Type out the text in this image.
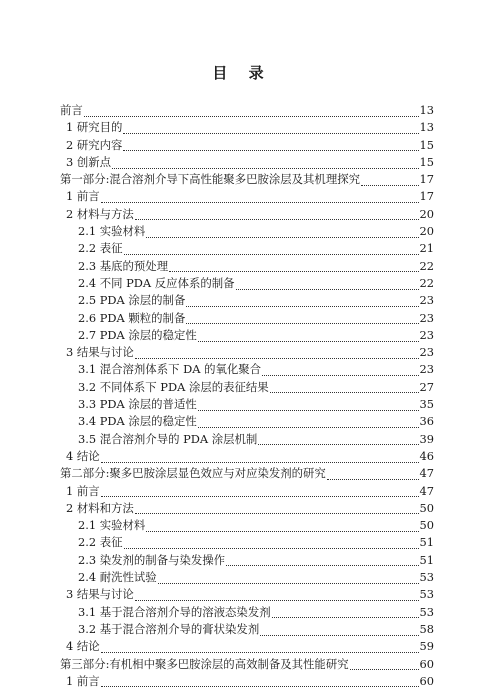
目 录
前言	13
1 研究目的	13
2 研究内容	15
3 创新点	15
第一部分:混合溶剂介导下高性能聚多巴胺涂层及其机理探究	17
1 前言	17
2 材料与方法	20
2.1 实验材料	20
2.2 表征	21
2.3 基底的预处理	22
2.4 不同 PDA 反应体系的制备	22
2.5 PDA 涂层的制备	23
2.6 PDA 颗粒的制备	23
2.7 PDA 涂层的稳定性	23
3 结果与讨论	23
3.1 混合溶剂体系下 DA 的氧化聚合	23
3.2 不同体系下 PDA 涂层的表征结果	27
3.3 PDA 涂层的普适性	35
3.4 PDA 涂层的稳定性	36
3.5 混合溶剂介导的 PDA 涂层机制	39
4 结论	46
第二部分:聚多巴胺涂层显色效应与对应染发剂的研究	47
1 前言	47
2 材料和方法	50
2.1 实验材料	50
2.2 表征	51
2.3 染发剂的制备与染发操作	51
2.4 耐洗性试验	53
3 结果与讨论	53
3.1 基于混合溶剂介导的溶液态染发剂	53
3.2 基于混合溶剂介导的膏状染发剂	58
4 结论	59
第三部分:有机相中聚多巴胺涂层的高效制备及其性能研究	60
1 前言	60
